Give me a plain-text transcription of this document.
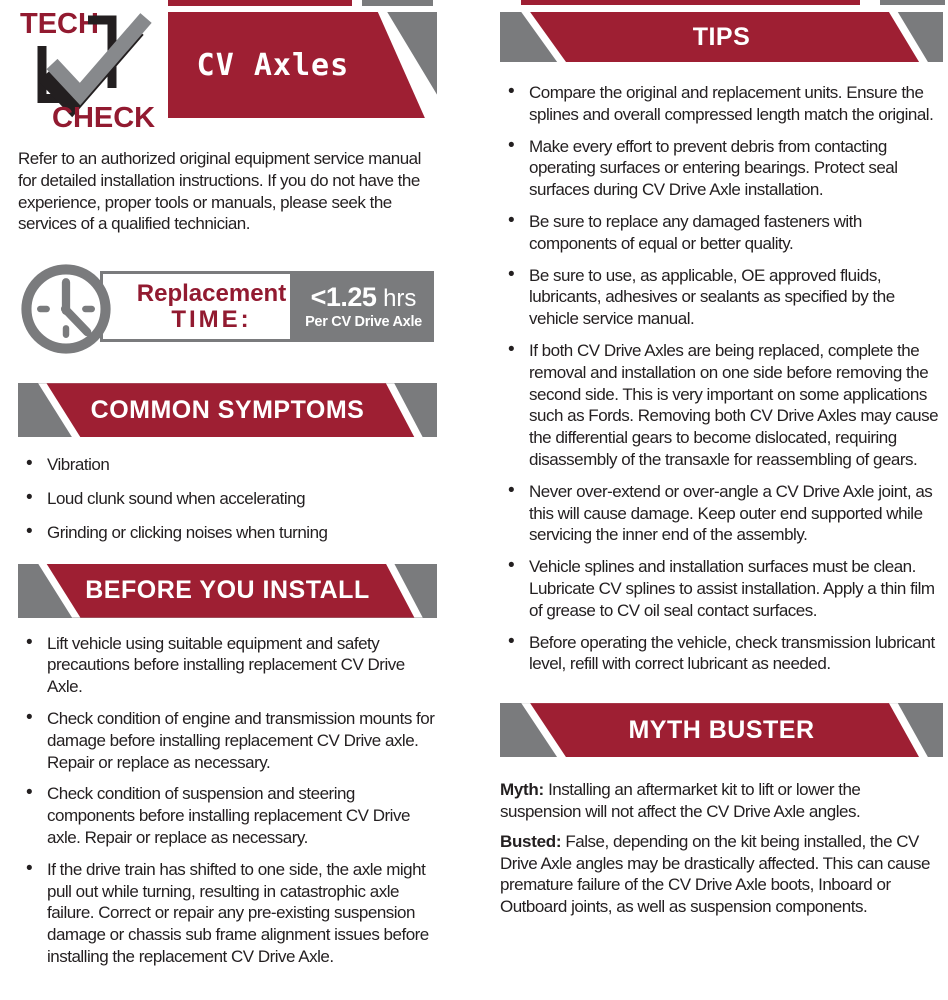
TECH
CHECK
CV Axles

Refer to an authorized original equipment service manual for detailed installation instructions. If you do not have the experience, proper tools or manuals, please seek the services of a qualified technician.

Replacement
TIME:
<1.25 hrs
Per CV Drive Axle
COMMON SYMPTOMS
• Vibration
• Loud clunk sound when accelerating
• Grinding or clicking noises when turning
BEFORE YOU INSTALL
• Lift vehicle using suitable equipment and safety precautions before installing replacement CV Drive Axle.
• Check condition of engine and transmission mounts for damage before installing replacement CV Drive axle. Repair or replace as necessary.
• Check condition of suspension and steering components before installing replacement CV Drive axle. Repair or replace as necessary.
• If the drive train has shifted to one side, the axle might pull out while turning, resulting in catastrophic axle failure. Correct or repair any pre-existing suspension damage or chassis sub frame alignment issues before installing the replacement CV Drive Axle.
TIPS
• Compare the original and replacement units. Ensure the splines and overall compressed length match the original.
• Make every effort to prevent debris from contacting operating surfaces or entering bearings. Protect seal surfaces during CV Drive Axle installation.
• Be sure to replace any damaged fasteners with components of equal or better quality.
• Be sure to use, as applicable, OE approved fluids, lubricants, adhesives or sealants as specified by the vehicle service manual.
• If both CV Drive Axles are being replaced, complete the removal and installation on one side before removing the second side. This is very important on some applications such as Fords. Removing both CV Drive Axles may cause the differential gears to become dislocated, requiring disassembly of the transaxle for reassembling of gears.
• Never over-extend or over-angle a CV Drive Axle joint, as this will cause damage. Keep outer end supported while servicing the inner end of the assembly.
• Vehicle splines and installation surfaces must be clean. Lubricate CV splines to assist installation. Apply a thin film of grease to CV oil seal contact surfaces.
• Before operating the vehicle, check transmission lubricant level, refill with correct lubricant as needed.
MYTH BUSTER

Myth: Installing an aftermarket kit to lift or lower the suspension will not affect the CV Drive Axle angles.

Busted: False, depending on the kit being installed, the CV Drive Axle angles may be drastically affected. This can cause premature failure of the CV Drive Axle boots, Inboard or Outboard joints, as well as suspension components.
